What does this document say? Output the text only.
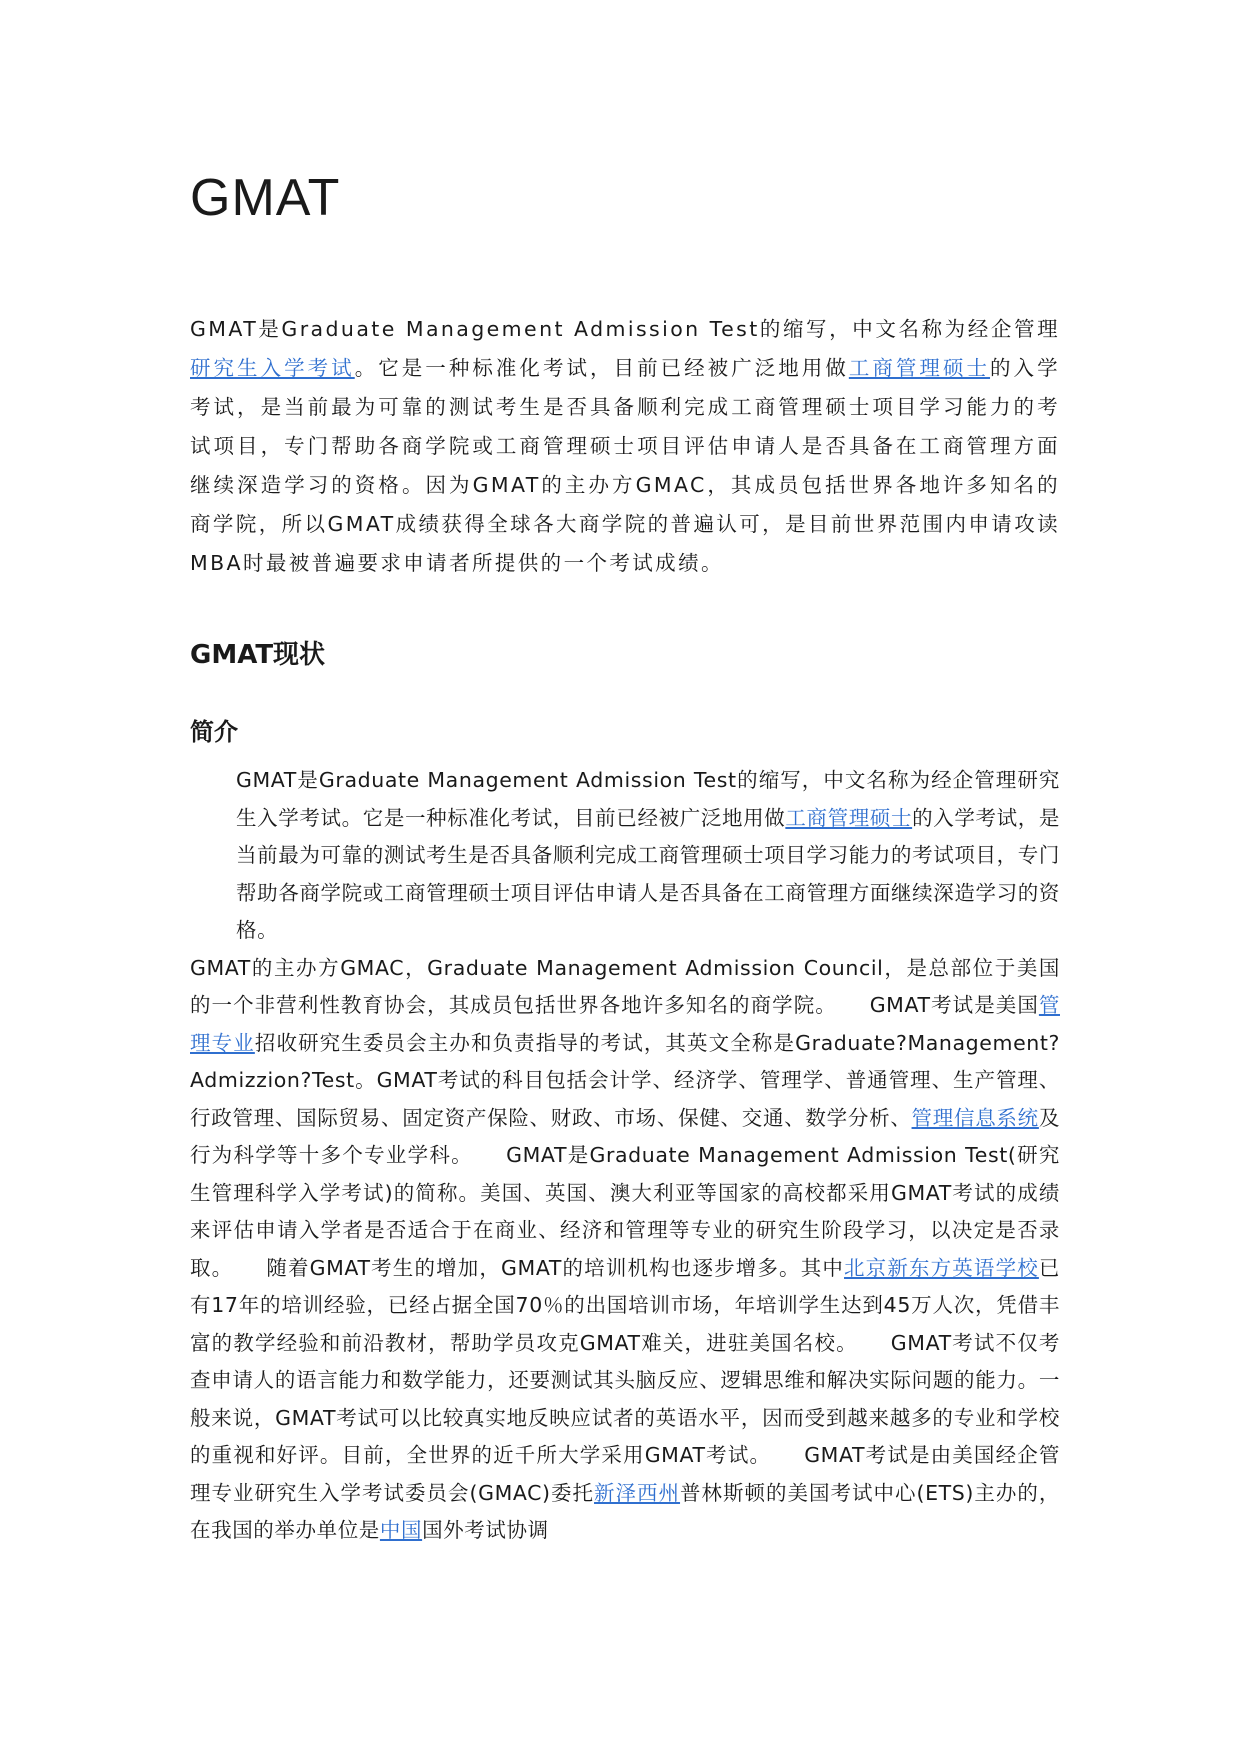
GMAT

GMAT是Graduate Management Admission Test的缩写，中文名称为经企管理研究生入学考试。它是一种标准化考试，目前已经被广泛地用做工商管理硕士的入学考试，是当前最为可靠的测试考生是否具备顺利完成工商管理硕士项目学习能力的考试项目，专门帮助各商学院或工商管理硕士项目评估申请人是否具备在工商管理方面继续深造学习的资格。因为GMAT的主办方GMAC，其成员包括世界各地许多知名的商学院，所以GMAT成绩获得全球各大商学院的普遍认可，是目前世界范围内申请攻读MBA时最被普遍要求申请者所提供的一个考试成绩。

GMAT现状
简介
GMAT是Graduate Management Admission Test的缩写，中文名称为经企管理研究生入学考试。它是一种标准化考试，目前已经被广泛地用做工商管理硕士的入学考试，是当前最为可靠的测试考生是否具备顺利完成工商管理硕士项目学习能力的考试项目，专门帮助各商学院或工商管理硕士项目评估申请人是否具备在工商管理方面继续深造学习的资格。
GMAT的主办方GMAC，Graduate Management Admission Council，是总部位于美国的一个非营利性教育协会，其成员包括世界各地许多知名的商学院。　　GMAT考试是美国管理专业招收研究生委员会主办和负责指导的考试，其英文全称是Graduate?Management?Admizzion?Test。GMAT考试的科目包括会计学、经济学、管理学、普通管理、生产管理、行政管理、国际贸易、固定资产保险、财政、市场、保健、交通、数学分析、管理信息系统及行为科学等十多个专业学科。　　GMAT是Graduate Management Admission Test(研究生管理科学入学考试)的简称。美国、英国、澳大利亚等国家的高校都采用GMAT考试的成绩来评估申请入学者是否适合于在商业、经济和管理等专业的研究生阶段学习，以决定是否录取。　　随着GMAT考生的增加，GMAT的培训机构也逐步增多。其中北京新东方英语学校已有17年的培训经验，已经占据全国70％的出国培训市场，年培训学生达到45万人次，凭借丰富的教学经验和前沿教材，帮助学员攻克GMAT难关，进驻美国名校。　　GMAT考试不仅考查申请人的语言能力和数学能力，还要测试其头脑反应、逻辑思维和解决实际问题的能力。一般来说，GMAT考试可以比较真实地反映应试者的英语水平，因而受到越来越多的专业和学校的重视和好评。目前，全世界的近千所大学采用GMAT考试。　　GMAT考试是由美国经企管理专业研究生入学考试委员会(GMAC)委托新泽西州普林斯顿的美国考试中心(ETS)主办的，在我国的举办单位是中国国外考试协调
